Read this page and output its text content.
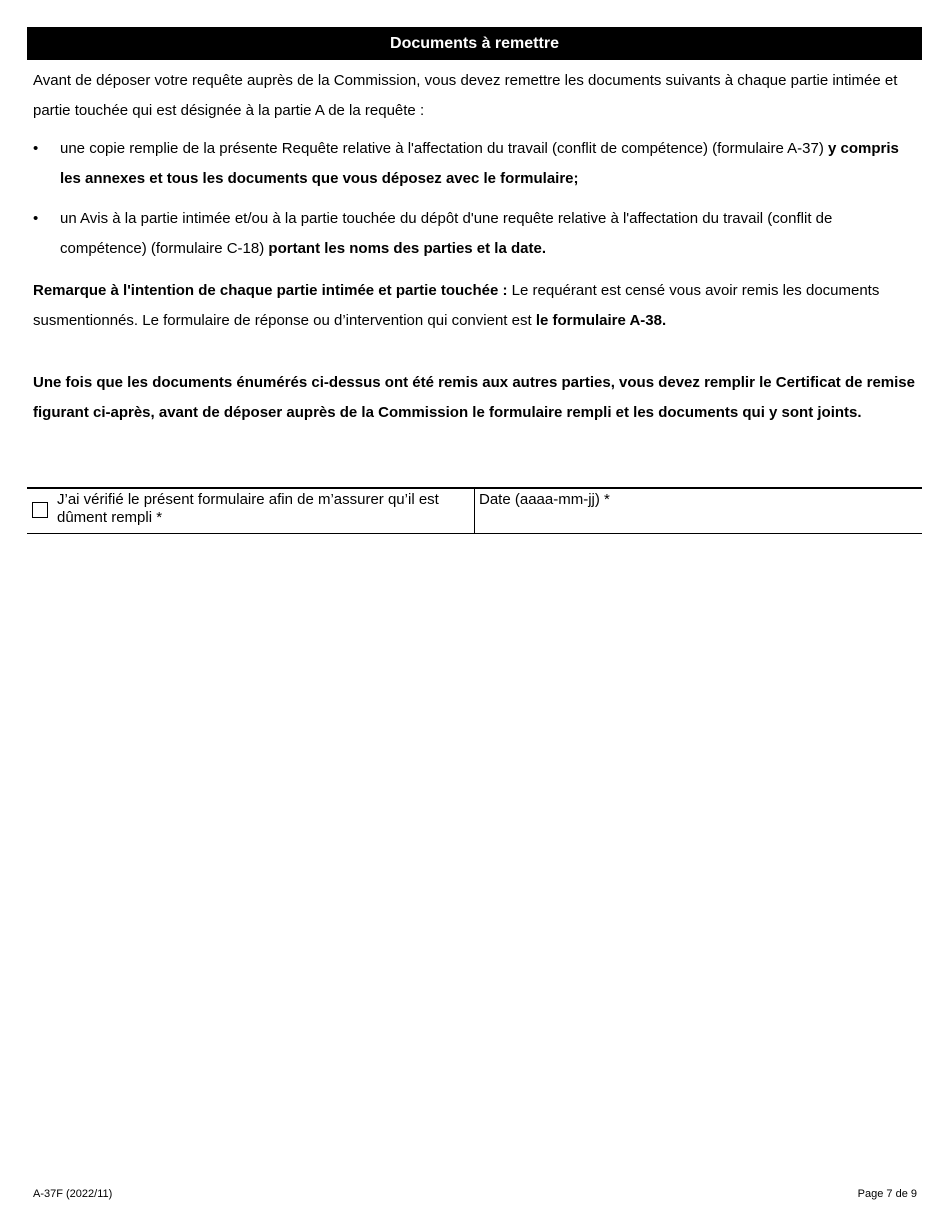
Documents à remettre
Avant de déposer votre requête auprès de la Commission, vous devez remettre les documents suivants à chaque partie intimée et partie touchée qui est désignée à la partie A de la requête :
• une copie remplie de la présente Requête relative à l'affectation du travail (conflit de compétence) (formulaire A-37) y compris les annexes et tous les documents que vous déposez avec le formulaire;
• un Avis à la partie intimée et/ou à la partie touchée du dépôt d'une requête relative à l'affectation du travail (conflit de compétence) (formulaire C-18) portant les noms des parties et la date.
Remarque à l'intention de chaque partie intimée et partie touchée : Le requérant est censé vous avoir remis les documents susmentionnés. Le formulaire de réponse ou d’intervention qui convient est le formulaire A-38.
Une fois que les documents énumérés ci-dessus ont été remis aux autres parties, vous devez remplir le Certificat de remise figurant ci-après, avant de déposer auprès de la Commission le formulaire rempli et les documents qui y sont joints.
J’ai vérifié le présent formulaire afin de m’assurer qu’il est dûment rempli *
Date (aaaa-mm-jj) *
A-37F (2022/11)	Page 7 de 9
